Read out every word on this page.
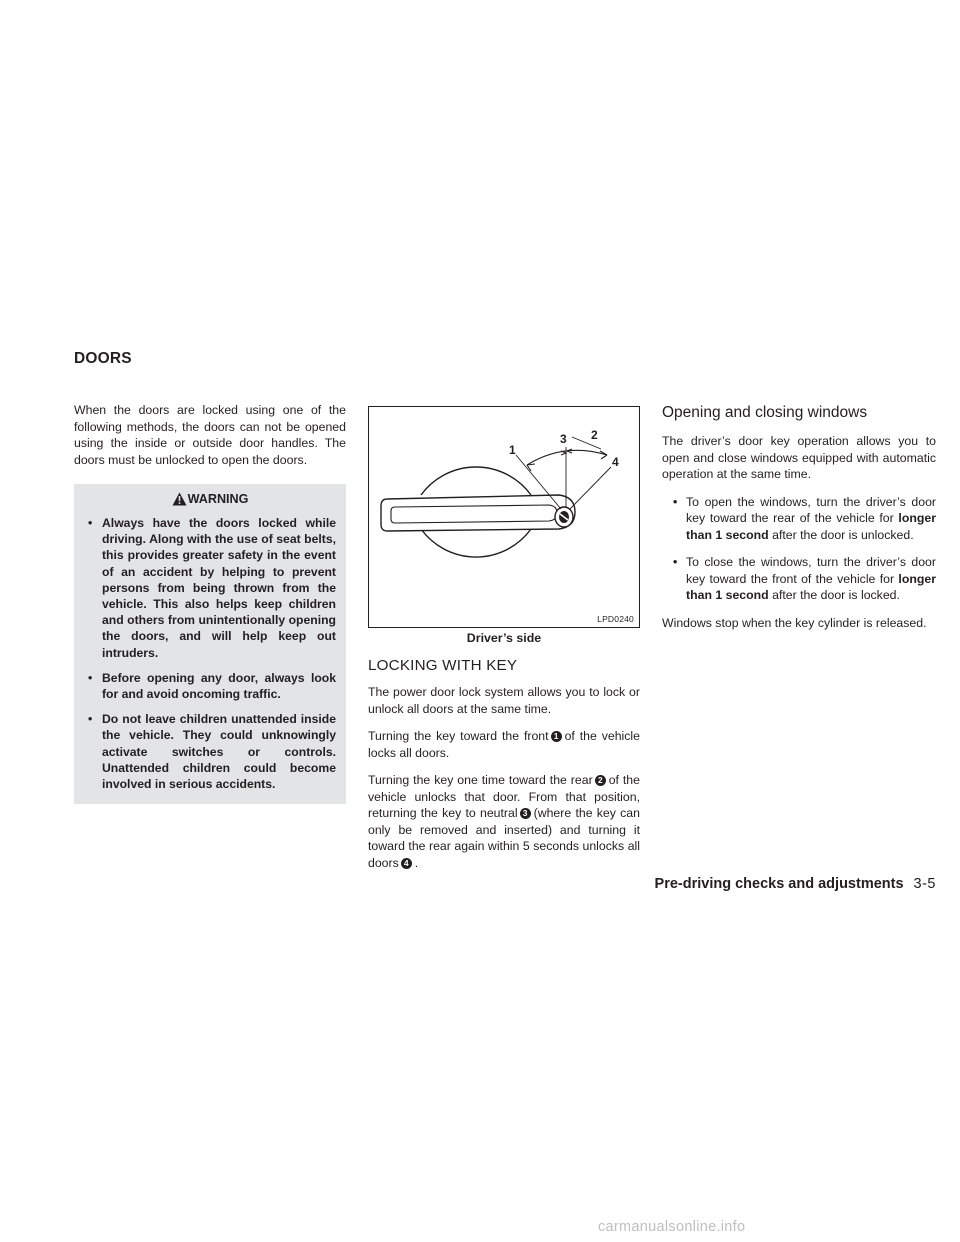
DOORS

When the doors are locked using one of the following methods, the doors can not be opened using the inside or outside door handles. The doors must be unlocked to open the doors.

WARNING
• Always have the doors locked while driving. Along with the use of seat belts, this provides greater safety in the event of an accident by helping to prevent persons from being thrown from the vehicle. This also helps keep children and others from unintentionally opening the doors, and will help keep out intruders.
• Before opening any door, always look for and avoid oncoming traffic.
• Do not leave children unattended inside the vehicle. They could unknowingly activate switches or controls. Unattended children could become involved in serious accidents.
1
2
3
4
LPD0240
Driver’s side
LOCKING WITH KEY

The power door lock system allows you to lock or unlock all doors at the same time.

Turning the key toward the front 1 of the vehicle locks all doors.

Turning the key one time toward the rear 2 of the vehicle unlocks that door. From that position, returning the key to neutral 3 (where the key can only be removed and inserted) and turning it toward the rear again within 5 seconds unlocks all doors 4 .

Opening and closing windows

The driver’s door key operation allows you to open and close windows equipped with automatic operation at the same time.

• To open the windows, turn the driver’s door key toward the rear of the vehicle for longer than 1 second after the door is unlocked.
• To close the windows, turn the driver’s door key toward the front of the vehicle for longer than 1 second after the door is locked.

Windows stop when the key cylinder is released.

Pre-driving checks and adjustments 3-5
carmanualsonline.info
